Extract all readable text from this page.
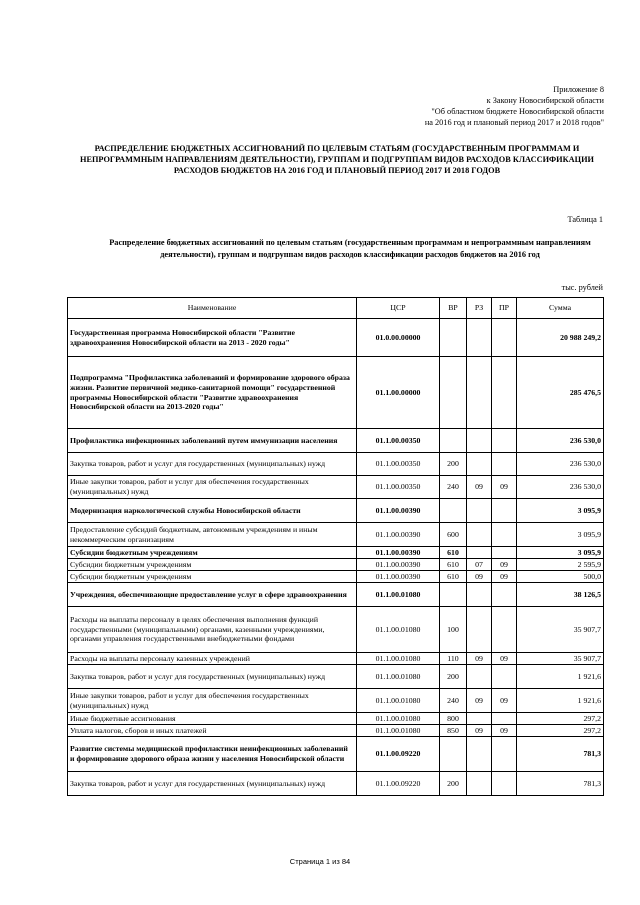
Приложение 8
к Закону Новосибирской области
"Об областном бюджете Новосибирской области
на 2016 год и плановый период 2017 и 2018 годов"
РАСПРЕДЕЛЕНИЕ БЮДЖЕТНЫХ АССИГНОВАНИЙ ПО ЦЕЛЕВЫМ СТАТЬЯМ (ГОСУДАРСТВЕННЫМ ПРОГРАММАМ И НЕПРОГРАММНЫМ НАПРАВЛЕНИЯМ ДЕЯТЕЛЬНОСТИ), ГРУППАМ И ПОДГРУППАМ ВИДОВ РАСХОДОВ КЛАССИФИКАЦИИ РАСХОДОВ БЮДЖЕТОВ НА 2016 ГОД И ПЛАНОВЫЙ ПЕРИОД 2017 И 2018 ГОДОВ
Таблица 1
Распределение бюджетных ассигнований по целевым статьям (государственным программам и непрограммным направлениям деятельности), группам и подгруппам видов расходов классификации расходов бюджетов на 2016 год
тыс. рублей
Наименование	ЦСР	ВР	РЗ	ПР	Сумма
Государственная программа Новосибирской области "Развитие здравоохранения Новосибирской области на 2013 - 2020 годы"	01.0.00.00000				20 988 249,2
Подпрограмма "Профилактика заболеваний и формирование здорового образа жизни. Развитие первичной медико-санитарной помощи" государственной программы Новосибирской области "Развитие здравоохранения Новосибирской области на 2013-2020 годы"	01.1.00.00000				285 476,5
Профилактика инфекционных заболеваний путем иммунизации населения	01.1.00.00350				236 530,0
Закупка товаров, работ и услуг для государственных (муниципальных) нужд	01.1.00.00350	200			236 530,0
Иные закупки товаров, работ и услуг для обеспечения государственных (муниципальных) нужд	01.1.00.00350	240	09	09	236 530,0
Модернизация наркологической службы Новосибирской области	01.1.00.00390				3 095,9
Предоставление субсидий бюджетным, автономным учреждениям и иным некоммерческим организациям	01.1.00.00390	600			3 095,9
Субсидии бюджетным учреждениям	01.1.00.00390	610			3 095,9
Субсидии бюджетным учреждениям	01.1.00.00390	610	07	09	2 595,9
Субсидии бюджетным учреждениям	01.1.00.00390	610	09	09	500,0
Учреждения, обеспечивающие предоставление услуг в сфере здравоохранения	01.1.00.01080				38 126,5
Расходы на выплаты персоналу в целях обеспечения выполнения функций государственными (муниципальными) органами, казенными учреждениями, органами управления государственными внебюджетными фондами	01.1.00.01080	100			35 907,7
Расходы на выплаты персоналу казенных учреждений	01.1.00.01080	110	09	09	35 907,7
Закупка товаров, работ и услуг для государственных (муниципальных) нужд	01.1.00.01080	200			1 921,6
Иные закупки товаров, работ и услуг для обеспечения государственных (муниципальных) нужд	01.1.00.01080	240	09	09	1 921,6
Иные бюджетные ассигнования	01.1.00.01080	800			297,2
Уплата налогов, сборов и иных платежей	01.1.00.01080	850	09	09	297,2
Развитие системы медицинской профилактики неинфекционных заболеваний и формирование здорового образа жизни у населения Новосибирской области	01.1.00.09220				781,3
Закупка товаров, работ и услуг для государственных (муниципальных) нужд	01.1.00.09220	200			781,3
Страница 1 из 84
